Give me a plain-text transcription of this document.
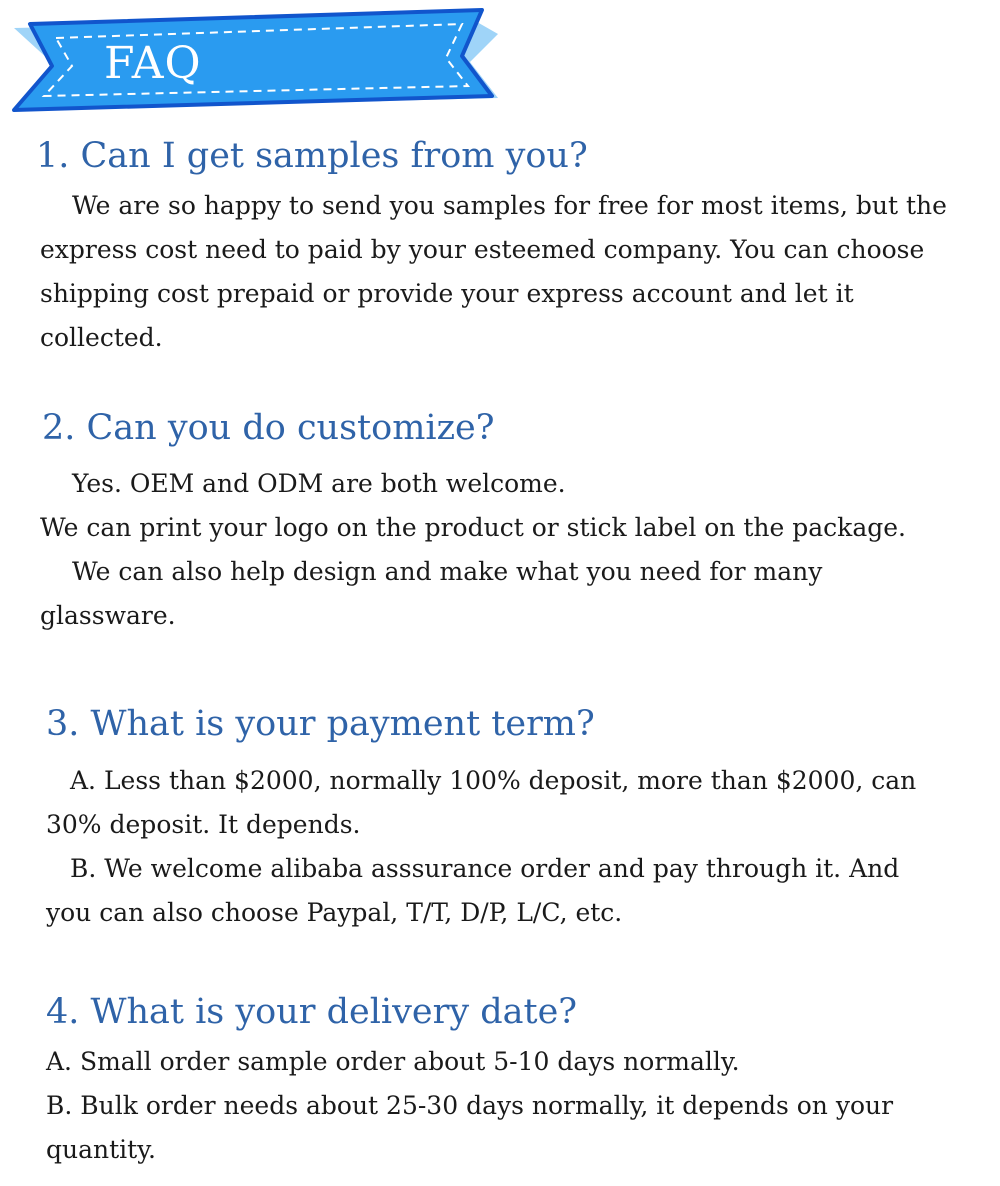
FAQ
1. Can I get samples from you?

We are so happy to send you samples for free for most items, but the

express cost need to paid by your esteemed company. You can choose

shipping cost prepaid or provide your express account and let it

collected.

2. Can you do customize?

Yes. OEM and ODM are both welcome.

We can print your logo on the product or stick label on the package.

We can also help design and make what you need for many

glassware.

3. What is your payment term?

A. Less than $2000, normally 100% deposit, more than $2000, can

30% deposit. It depends.

B. We welcome alibaba asssurance order and pay through it. And

you can also choose Paypal, T/T, D/P, L/C, etc.

4. What is your delivery date?

A. Small order sample order about 5-10 days normally.

B. Bulk order needs about 25-30 days normally, it depends on your

quantity.
